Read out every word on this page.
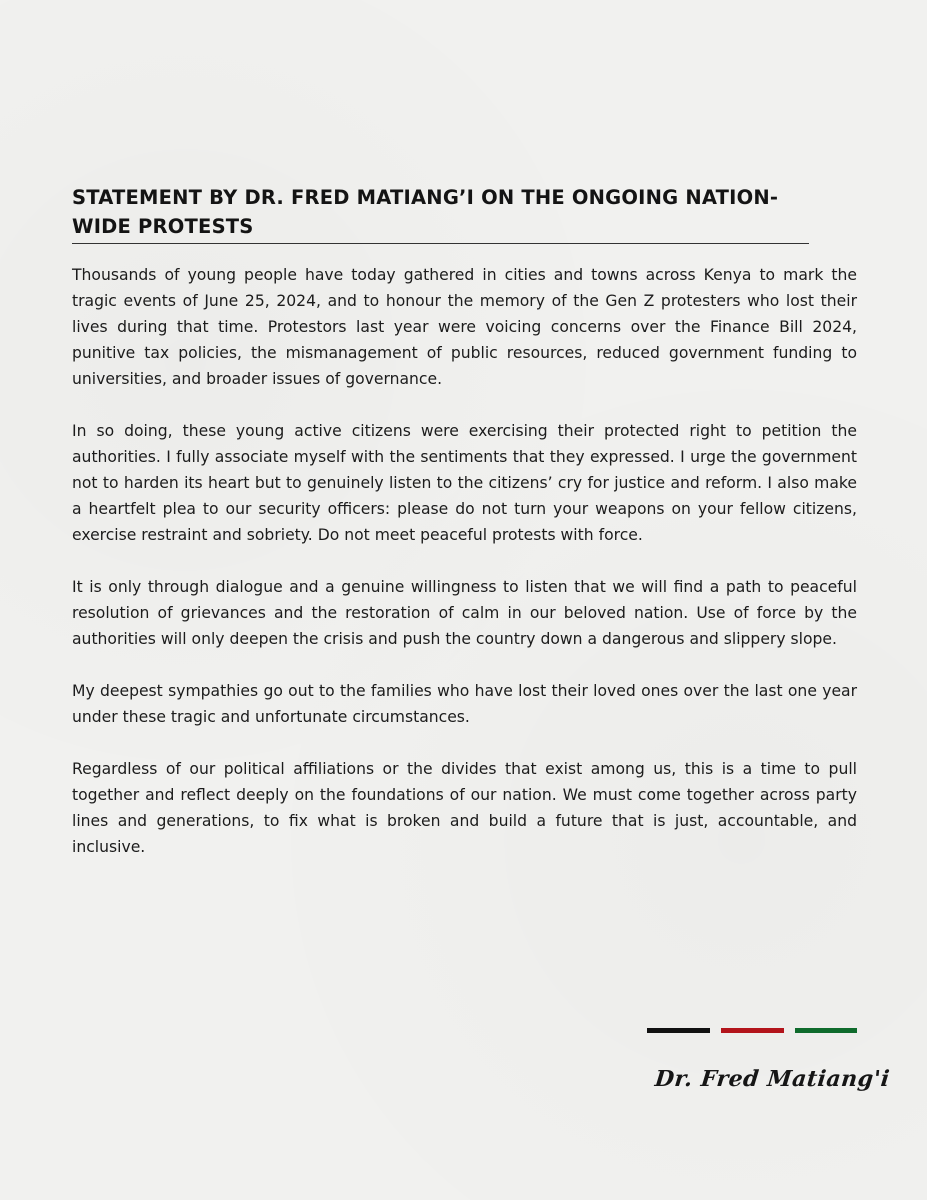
STATEMENT BY DR. FRED MATIANG’I ON THE ONGOING NATION-WIDE PROTESTS

Thousands of young people have today gathered in cities and towns across Kenya to mark the tragic events of June 25, 2024, and to honour the memory of the Gen Z protesters who lost their lives during that time. Protestors last year were voicing concerns over the Finance Bill 2024, punitive tax policies, the mismanagement of public resources, reduced government funding to universities, and broader issues of governance.

In so doing, these young active citizens were exercising their protected right to petition the authorities. I fully associate myself with the sentiments that they expressed. I urge the government not to harden its heart but to genuinely listen to the citizens’ cry for justice and reform. I also make a heartfelt plea to our security officers: please do not turn your weapons on your fellow citizens, exercise restraint and sobriety. Do not meet peaceful protests with force.

It is only through dialogue and a genuine willingness to listen that we will find a path to peaceful resolution of grievances and the restoration of calm in our beloved nation. Use of force by the authorities will only deepen the crisis and push the country down a dangerous and slippery slope.

My deepest sympathies go out to the families who have lost their loved ones over the last one year under these tragic and unfortunate circumstances.

Regardless of our political affiliations or the divides that exist among us, this is a time to pull together and reflect deeply on the foundations of our nation. We must come together across party lines and generations, to fix what is broken and build a future that is just, accountable, and inclusive.

Dr. Fred Matiang'i
